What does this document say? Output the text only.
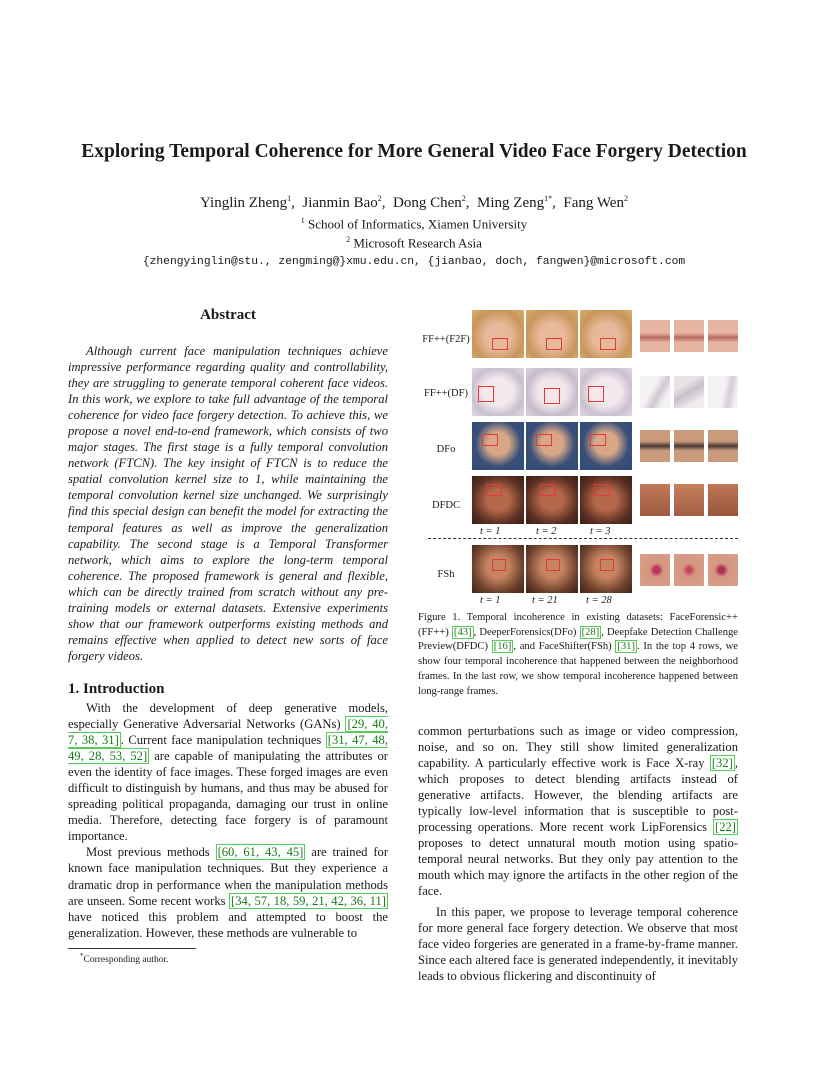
Exploring Temporal Coherence for More General Video Face Forgery Detection
Yinglin Zheng$^1$,  Jianmin Bao$^2$,  Dong Chen$^2$,  Ming Zeng$^{1*}$,  Fang Wen$^2$
$^1$ School of Informatics, Xiamen University
$^2$ Microsoft Research Asia
{zhengyinglin@stu., zengming@}xmu.edu.cn, {jianbao, doch, fangwen}@microsoft.com
Abstract

Although current face manipulation techniques achieve impressive performance regarding quality and controllability, they are struggling to generate temporal coherent face videos. In this work, we explore to take full advantage of the temporal coherence for video face forgery detection. To achieve this, we propose a novel end-to-end framework, which consists of two major stages. The first stage is a fully temporal convolution network (FTCN). The key insight of FTCN is to reduce the spatial convolution kernel size to 1, while maintaining the temporal convolution kernel size unchanged. We surprisingly find this special design can benefit the model for extracting the temporal features as well as improve the generalization capability. The second stage is a Temporal Transformer network, which aims to explore the long-term temporal coherence. The proposed framework is general and flexible, which can be directly trained from scratch without any pre-training models or external datasets. Extensive experiments show that our framework outperforms existing methods and remains effective when applied to detect new sorts of face forgery videos.

1. Introduction

With the development of deep generative models, especially Generative Adversarial Networks (GANs) [29, 40, 7, 38, 31] . Current face manipulation techniques [31, 47, 48, 49, 28, 53, 52] are capable of manipulating the attributes or even the identity of face images. These forged images are even difficult to distinguish by humans, and thus may be abused for spreading political propaganda, damaging our trust in online media. Therefore, detecting face forgery is of paramount importance.

Most previous methods [60, 61, 43, 45] are trained for known face manipulation techniques. But they experience a dramatic drop in performance when the manipulation methods are unseen. Some recent works [34, 57, 18, 59, 21, 42, 36, 11] have noticed this problem and attempted to boost the generalization. However, these methods are vulnerable to

*Corresponding author.
FF++(F2F)
FF++(DF)
DFo
DFDC
FSh
t = 1	t = 2	t = 3
t = 1	t = 21	t = 28
Figure 1. Temporal incoherence in existing datasets: FaceForensic++(FF++) [43] , DeeperForensics(DFo) [28] , Deepfake Detection Challenge Preview(DFDC) [16] , and FaceShifter(FSh) [31] . In the top 4 rows, we show four temporal incoherence that happened between the neighborhood frames. In the last row, we show temporal incoherence happened between long-range frames.

common perturbations such as image or video compression, noise, and so on. They still show limited generalization capability. A particularly effective work is Face X-ray [32] , which proposes to detect blending artifacts instead of generative artifacts. However, the blending artifacts are typically low-level information that is susceptible to post-processing operations. More recent work LipForensics [22] proposes to detect unnatural mouth motion using spatio-temporal neural networks. But they only pay attention to the mouth which may ignore the artifacts in the other region of the face.

In this paper, we propose to leverage temporal coherence for more general face forgery detection. We observe that most face video forgeries are generated in a frame-by-frame manner. Since each altered face is generated independently, it inevitably leads to obvious flickering and discontinuity of
